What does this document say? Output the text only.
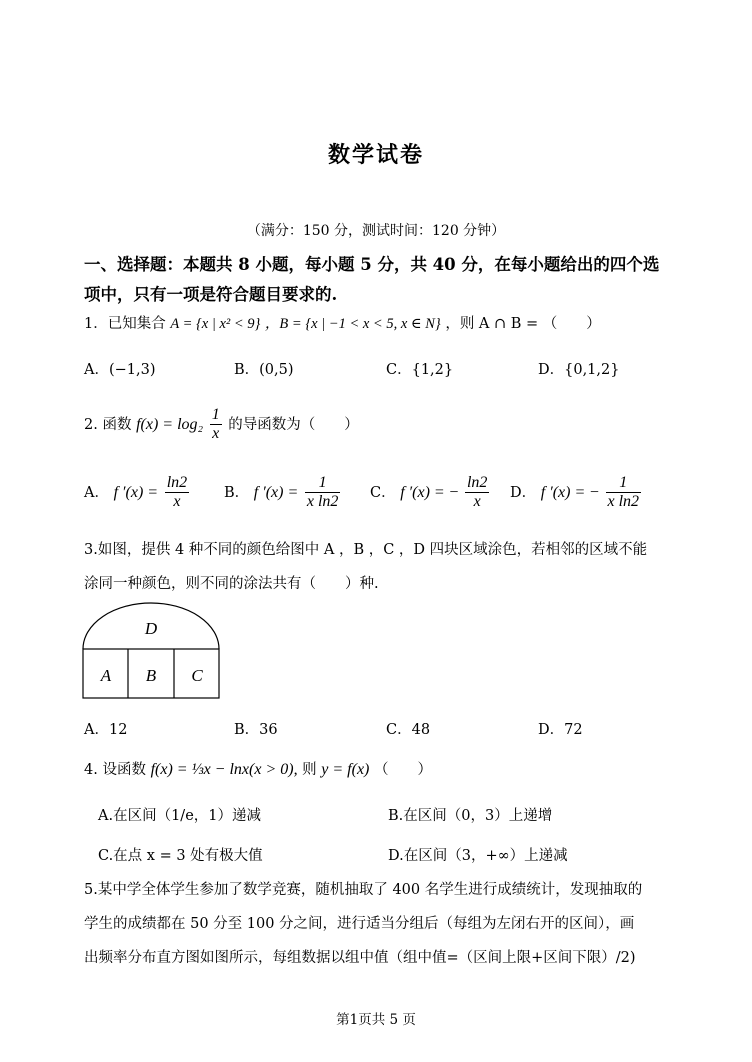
数学试卷
（满分：150 分，测试时间：120 分钟）
一、选择题：本题共 8 小题，每小题 5 分，共 40 分，在每小题给出的四个选
项中，只有一项是符合题目要求的.
1．已知集合 A = {x | x² < 9} ，B = {x | −1 < x < 5, x ∈ N} ，则 A ∩ B = （　　）
A．(−1,3)	B．(0,5)	C．{1,2}	D．{0,1,2}
2. 函数 $f(x) = \log_2 \frac{1}{x}$ 的导函数为（　　）
A． f $'(x) = \frac{\ln 2}{x}$ B． f $'(x) = \frac{1}{\text{x ln2}}$ C． f ′(x) = − $\frac{\ln 2}{x}$ D． f ′(x) = − $\frac{1}{\text{x ln2}}$
3.如图，提供 4 种不同的颜色给图中 A ，B ，C ，D 四块区域涂色，若相邻的区域不能
涂同一种颜色，则不同的涂法共有（　　）种.
D
A B C
A．12	B．36	C．48	D．72
4. 设函数 f(x) = ⅓x − lnx(x > 0), 则 y = f(x) （　　）
A.在区间（1/e，1）递减	B.在区间（0，3）上递增
C.在点 x = 3 处有极大值	D.在区间（3，+∞）上递减
5.某中学全体学生参加了数学竞赛，随机抽取了 400 名学生进行成绩统计，发现抽取的
学生的成绩都在 50 分至 100 分之间，进行适当分组后（每组为左闭右开的区间），画
出频率分布直方图如图所示，每组数据以组中值（组中值=（区间上限+区间下限）/2)
第1页共 5 页
